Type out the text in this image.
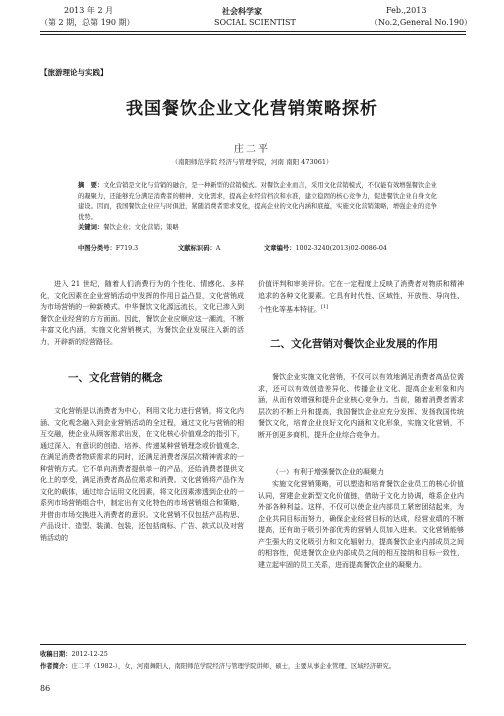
2013 年 2 月
（第 2 期，总第 190 期）
社会科学家
SOCIAL SCIENTIST
Feb.,2013
（No.2,General No.190）
【旅游理论与实践】
我国餐饮企业文化营销策略探析
庄二平
（南阳师范学院 经济与管理学院，河南 南阳 473061）
摘　要：文化营销是文化与营销的融合，是一种新型的营销模式。对餐饮企业而言，采用文化营销模式，不仅能有效增强餐饮企业的凝聚力，还能够充分满足消费者的精神、文化需求，提高企业经营档次和水准，建立稳固的核心竞争力，促进餐饮企业自身文化建设。因而，我国餐饮企业应与时俱进，紧随消费者需求变化，提高企业的文化内涵和底蕴，实施文化营销策略，增强企业的竞争优势。
关键词：餐饮企业；文化营销；策略
中图分类号：F719.3	文献标识码：A	文章编号：1002-3240(2013)02-0086-04

进入 21 世纪，随着人们消费行为的个性化、情感化、多样化，文化因素在企业营销活动中发挥的作用日益凸显，文化营销成为市场营销的一种新模式。中华餐饮文化源远流长，文化已渗入到餐饮企业经营的方方面面。因此，餐饮企业应顺应这一潮流，不断丰富文化内涵，实施文化营销模式，为餐饮企业发展注入新的活力，开辟新的经营路径。

一、文化营销的概念

文化营销是以消费者为中心，利用文化力进行营销，将文化内涵、文化观念融入到企业营销活动的全过程，通过文化与营销的相互交融，使企业从顾客需求出发，在文化核心价值观念的指引下，通过深入、有意识的创造、培养、传递某种营销理念或价值观念，在满足消费者物质需求的同时，还满足消费者深层次精神需求的一种营销方式。它不单向消费者提供单一的产品，还给消费者提供文化上的享受，满足消费者高品位需求和消费。文化营销将产品作为文化的载体，通过综合运用文化因素，将文化因素渗透到企业的一系列市场营销组合中，制定出有文化特色的市场营销组合和策略，并借由市场交换进入消费者的意识。文化营销不仅包括产品构思、产品设计、造型、装潢、包装，还包括商标、广告、款式以及对营销活动的

价值评判和审美评价。它在一定程度上反映了消费者对物质和精神追求的各种文化要素。它具有时代性、区域性、开放性、导向性、个性化等基本特征。[1]

二、文化营销对餐饮企业发展的作用

餐饮企业实施文化营销，不仅可以有效地满足消费者高品位需求，还可以有效创造差异化、传播企业文化、提高企业形象和内涵，从而有效增强和提升企业核心竞争力。当前，随着消费者需求层次的不断上升和提高，我国餐饮企业应充分发挥、发扬我国传统餐饮文化，培育企业良好文化内涵和文化形象，实施文化营销，不断开创更多商机，提升企业综合竞争力。

（一）有利于增强餐饮企业的凝聚力

实施文化营销策略，可以塑造和培育餐饮企业员工的核心价值认同，营建企业新型文化价值链，借助于文化力协调，维系企业内外部各种利益。这样，不仅可以使企业内部员工紧密团结起来，为企业共同目标而努力，确保企业经营目标的达成，经营业绩的不断提高，还有助于吸引外部优秀的营销人员加入进来。文化营销能够产生强大的文化吸引力和文化辐射力，提高餐饮企业内部成员之间的相容性，促进餐饮企业内部成员之间的相互接纳和目标一致性，建立起牢固的员工关系，进而提高餐饮企业的凝聚力。

收稿日期：2012-12-25
作者简介：庄二平（1982-），女，河南舞阳人，南阳师范学院经济与管理学院讲师，硕士，主要从事企业管理、区域经济研究。
86
